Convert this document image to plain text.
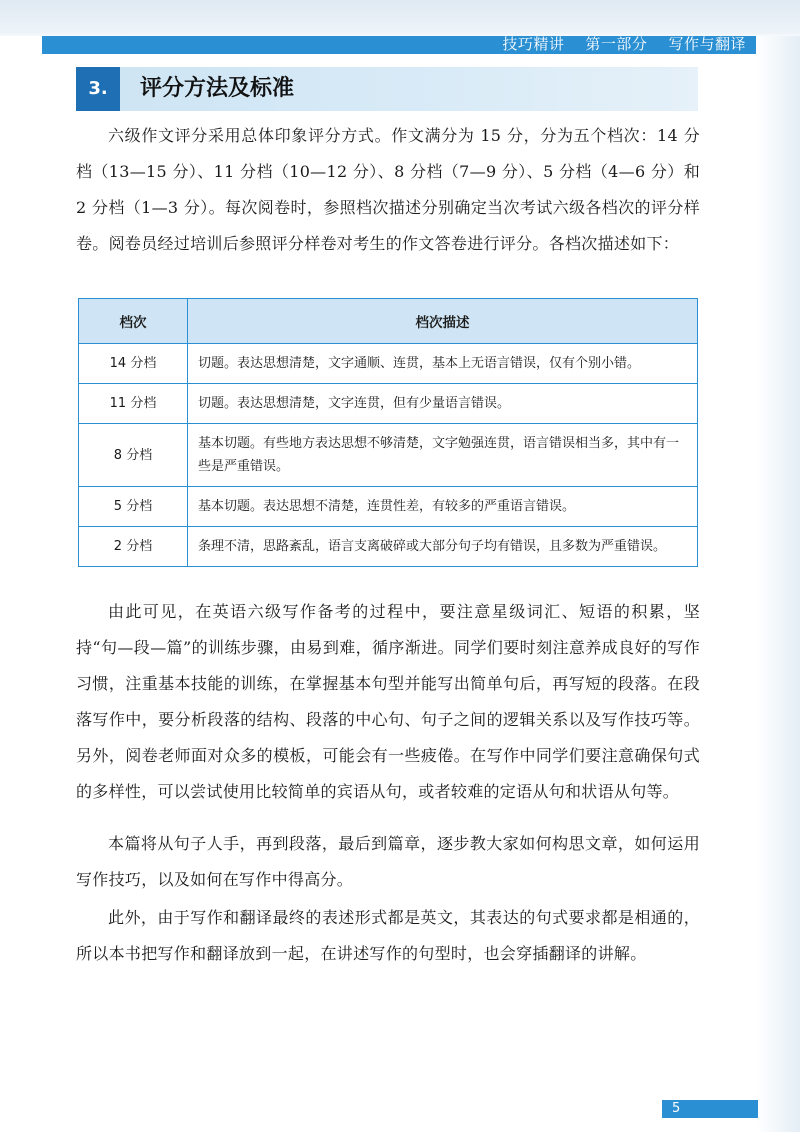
技巧精讲    第一部分    写作与翻译
3.	评分方法及标准

六级作文评分采用总体印象评分方式。作文满分为 15 分，分为五个档次：14 分档（13—15 分）、11 分档（10—12 分）、8 分档（7—9 分）、5 分档（4—6 分）和 2 分档（1—3 分）。每次阅卷时，参照档次描述分别确定当次考试六级各档次的评分样卷。阅卷员经过培训后参照评分样卷对考生的作文答卷进行评分。各档次描述如下：

档次	档次描述
14 分档	切题。表达思想清楚，文字通顺、连贯，基本上无语言错误，仅有个别小错。
11 分档	切题。表达思想清楚，文字连贯，但有少量语言错误。
8 分档	基本切题。有些地方表达思想不够清楚，文字勉强连贯，语言错误相当多，其中有一些是严重错误。
5 分档	基本切题。表达思想不清楚，连贯性差，有较多的严重语言错误。
2 分档	条理不清，思路紊乱，语言支离破碎或大部分句子均有错误，且多数为严重错误。

由此可见，在英语六级写作备考的过程中，要注意星级词汇、短语的积累，坚持“句—段—篇”的训练步骤，由易到难，循序渐进。同学们要时刻注意养成良好的写作习惯，注重基本技能的训练，在掌握基本句型并能写出简单句后，再写短的段落。在段落写作中，要分析段落的结构、段落的中心句、句子之间的逻辑关系以及写作技巧等。另外，阅卷老师面对众多的模板，可能会有一些疲倦。在写作中同学们要注意确保句式的多样性，可以尝试使用比较简单的宾语从句，或者较难的定语从句和状语从句等。

本篇将从句子人手，再到段落，最后到篇章，逐步教大家如何构思文章，如何运用写作技巧，以及如何在写作中得高分。

此外，由于写作和翻译最终的表述形式都是英文，其表达的句式要求都是相通的，所以本书把写作和翻译放到一起，在讲述写作的句型时，也会穿插翻译的讲解。

5
